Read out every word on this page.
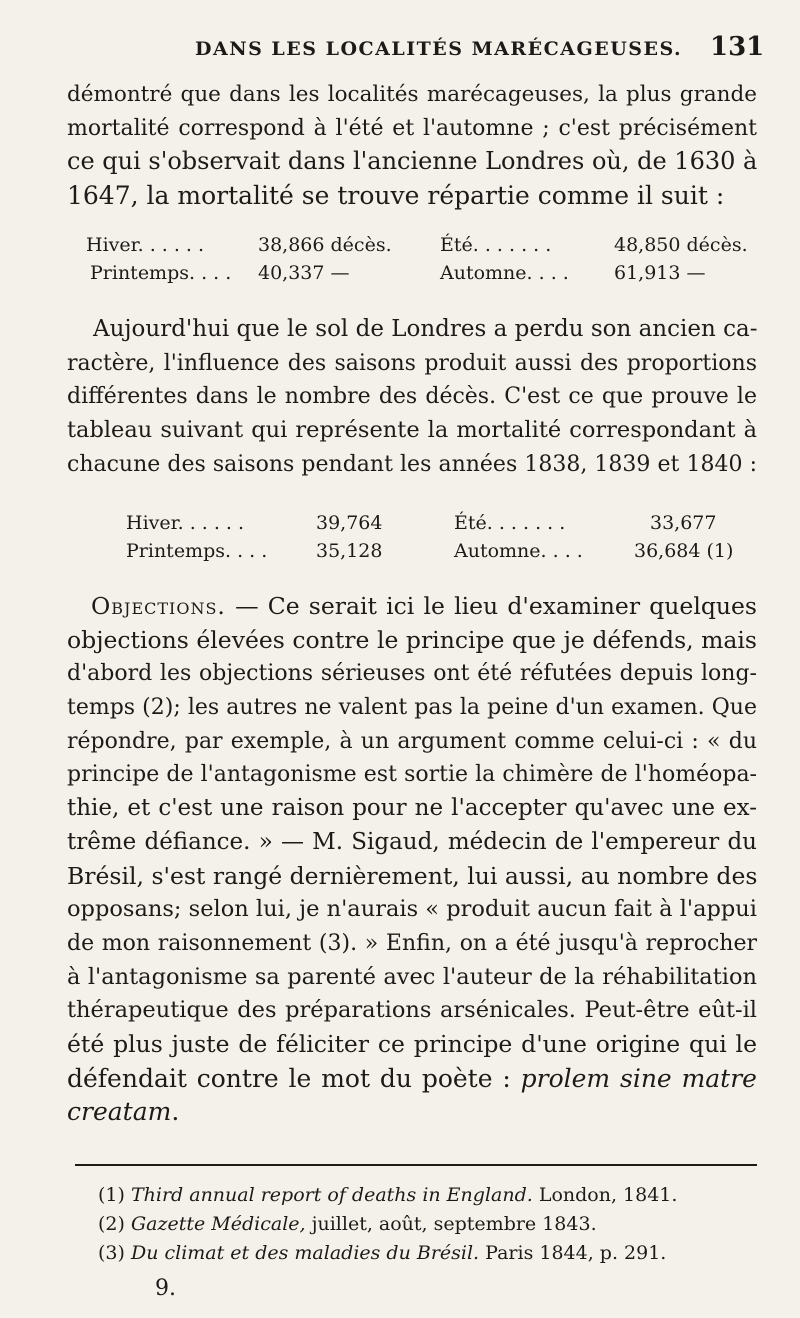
DANS LES LOCALITÉS MARÉCAGEUSES. 131
démontré que dans les localités marécageuses, la plus grande
mortalité correspond à l'été et l'automne ; c'est précisément
ce qui s'observait dans l'ancienne Londres où, de 1630 à
1647, la mortalité se trouve répartie comme il suit :
Hiver. . . . . .	38,866 décès.	Été. . . . . . .	48,850 décès.
Printemps. . . . 40,337 —	Automne. . . . 61,913 —
Aujourd'hui que le sol de Londres a perdu son ancien ca-
ractère, l'influence des saisons produit aussi des proportions
différentes dans le nombre des décès. C'est ce que prouve le
tableau suivant qui représente la mortalité correspondant à
chacune des saisons pendant les années 1838, 1839 et 1840 :
Hiver. . . . . .	39,764	Été. . . . . . .	33,677
Printemps. . . .	35,128	Automne. . . .	36,684 (1)
Objections. — Ce serait ici le lieu d'examiner quelques
objections élevées contre le principe que je défends, mais
d'abord les objections sérieuses ont été réfutées depuis long-
temps (2); les autres ne valent pas la peine d'un examen. Que
répondre, par exemple, à un argument comme celui-ci : « du
principe de l'antagonisme est sortie la chimère de l'homéopa-
thie, et c'est une raison pour ne l'accepter qu'avec une ex-
trême défiance. » — M. Sigaud, médecin de l'empereur du
Brésil, s'est rangé dernièrement, lui aussi, au nombre des
opposans; selon lui, je n'aurais « produit aucun fait à l'appui
de mon raisonnement (3). » Enfin, on a été jusqu'à reprocher
à l'antagonisme sa parenté avec l'auteur de la réhabilitation
thérapeutique des préparations arsénicales. Peut-être eût-il
été plus juste de féliciter ce principe d'une origine qui le
défendait contre le mot du poète : prolem sine matre
creatam.
(1) Third annual report of deaths in England. London, 1841.
(2) Gazette Médicale, juillet, août, septembre 1843.
(3) Du climat et des maladies du Brésil. Paris 1844, p. 291.
9.
